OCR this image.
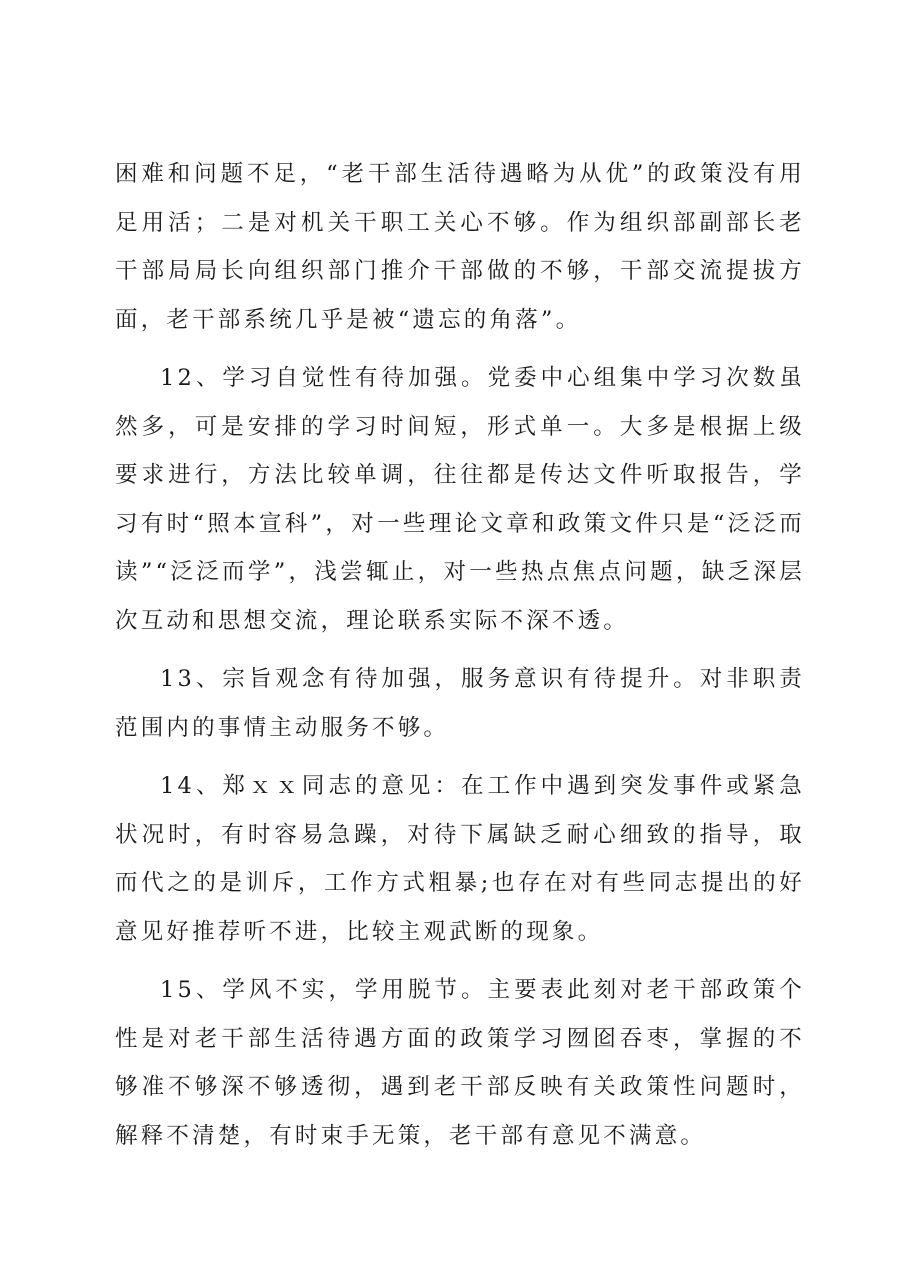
困难和问题不足，“老干部生活待遇略为从优”的政策没有用足用活；二是对机关干职工关心不够。作为组织部副部长老干部局局长向组织部门推介干部做的不够，干部交流提拔方面，老干部系统几乎是被“遗忘的角落”。

12、学习自觉性有待加强。党委中心组集中学习次数虽然多，可是安排的学习时间短，形式单一。大多是根据上级要求进行，方法比较单调，往往都是传达文件听取报告，学习有时“照本宣科”，对一些理论文章和政策文件只是“泛泛而读”“泛泛而学”，浅尝辄止，对一些热点焦点问题，缺乏深层次互动和思想交流，理论联系实际不深不透。

13、宗旨观念有待加强，服务意识有待提升。对非职责范围内的事情主动服务不够。

14、郑ｘｘ同志的意见：在工作中遇到突发事件或紧急状况时，有时容易急躁，对待下属缺乏耐心细致的指导，取而代之的是训斥，工作方式粗暴;也存在对有些同志提出的好意见好推荐听不进，比较主观武断的现象。

15、学风不实，学用脱节。主要表此刻对老干部政策个性是对老干部生活待遇方面的政策学习囫囵吞枣，掌握的不够准不够深不够透彻，遇到老干部反映有关政策性问题时，解释不清楚，有时束手无策，老干部有意见不满意。
